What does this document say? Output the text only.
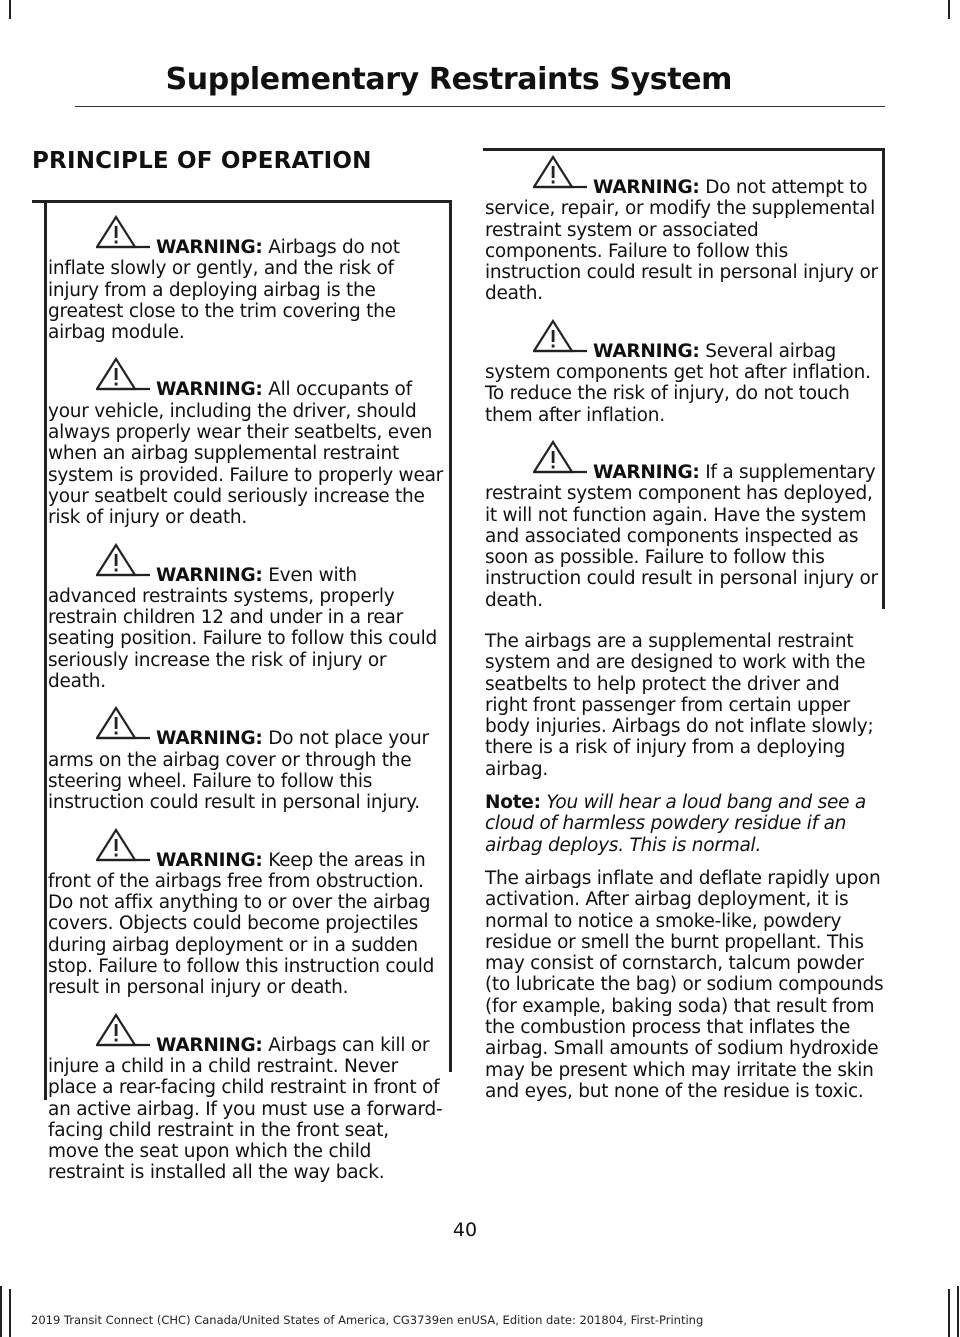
Supplementary Restraints System
PRINCIPLE OF OPERATION
WARNING: Airbags do not inflate slowly or gently, and the risk of injury from a deploying airbag is the greatest close to the trim covering the airbag module.
WARNING: All occupants of your vehicle, including the driver, should always properly wear their seatbelts, even when an airbag supplemental restraint system is provided. Failure to properly wear your seatbelt could seriously increase the risk of injury or death.
WARNING: Even with advanced restraints systems, properly restrain children 12 and under in a rear seating position. Failure to follow this could seriously increase the risk of injury or death.
WARNING: Do not place your arms on the airbag cover or through the steering wheel. Failure to follow this instruction could result in personal injury.
WARNING: Keep the areas in front of the airbags free from obstruction. Do not affix anything to or over the airbag covers. Objects could become projectiles during airbag deployment or in a sudden stop. Failure to follow this instruction could result in personal injury or death.
WARNING: Airbags can kill or injure a child in a child restraint. Never place a rear-facing child restraint in front of an active airbag. If you must use a forward-facing child restraint in the front seat, move the seat upon which the child restraint is installed all the way back.
WARNING: Do not attempt to service, repair, or modify the supplemental restraint system or associated components. Failure to follow this instruction could result in personal injury or death.
WARNING: Several airbag system components get hot after inflation. To reduce the risk of injury, do not touch them after inflation.
WARNING: If a supplementary restraint system component has deployed, it will not function again. Have the system and associated components inspected as soon as possible. Failure to follow this instruction could result in personal injury or death.

The airbags are a supplemental restraint system and are designed to work with the seatbelts to help protect the driver and right front passenger from certain upper body injuries. Airbags do not inflate slowly; there is a risk of injury from a deploying airbag.

Note: You will hear a loud bang and see a cloud of harmless powdery residue if an airbag deploys. This is normal.

The airbags inflate and deflate rapidly upon activation. After airbag deployment, it is normal to notice a smoke-like, powdery residue or smell the burnt propellant. This may consist of cornstarch, talcum powder (to lubricate the bag) or sodium compounds (for example, baking soda) that result from the combustion process that inflates the airbag. Small amounts of sodium hydroxide may be present which may irritate the skin and eyes, but none of the residue is toxic.

40
2019 Transit Connect (CHC) Canada/United States of America, CG3739en enUSA, Edition date: 201804, First-Printing
